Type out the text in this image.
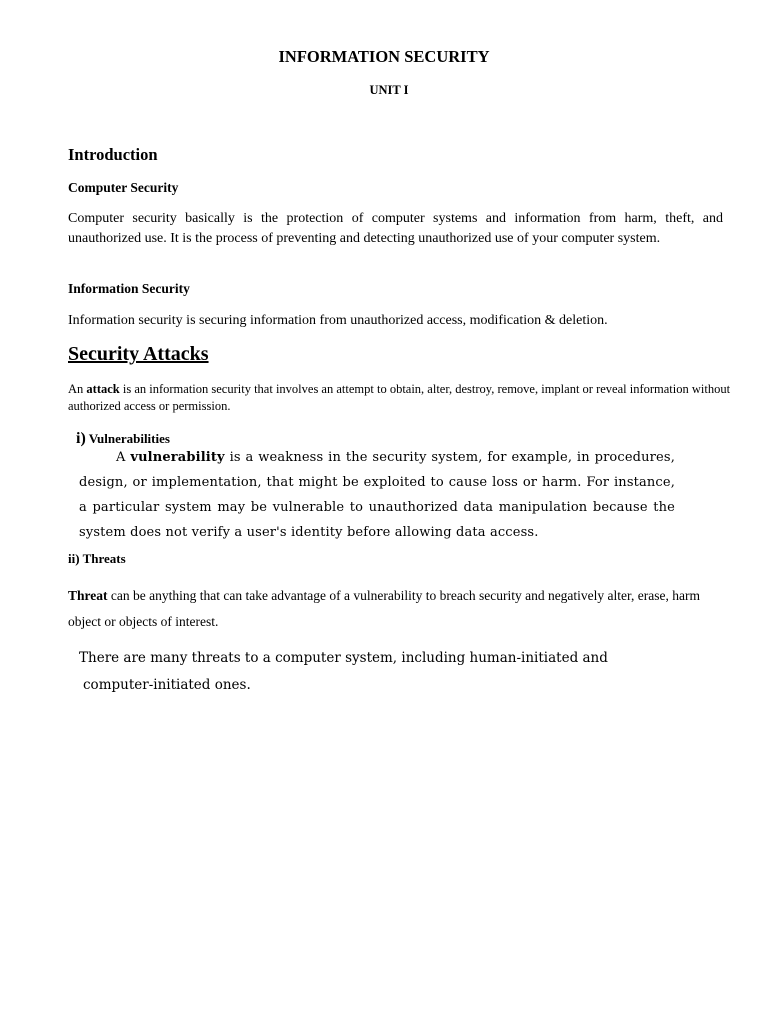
INFORMATION SECURITY
UNIT I
Introduction
Computer Security
Computer security basically is the protection of computer systems and information from harm, theft, and unauthorized use. It is the process of preventing and detecting unauthorized use of your computer system.
Information Security
Information security is securing information from unauthorized access, modification & deletion.
Security Attacks
An attack is an information security that involves an attempt to obtain, alter, destroy, remove, implant or reveal information without authorized access or permission.
i) Vulnerabilities
A vulnerability is a weakness in the security system, for example, in procedures, design, or implementation, that might be exploited to cause loss or harm. For instance, a particular system may be vulnerable to unauthorized data manipulation because the system does not verify a user's identity before allowing data access.
ii) Threats
Threat can be anything that can take advantage of a vulnerability to breach security and negatively alter, erase, harm object or objects of interest.
There are many threats to a computer system, including human-initiated and
computer-initiated ones.
